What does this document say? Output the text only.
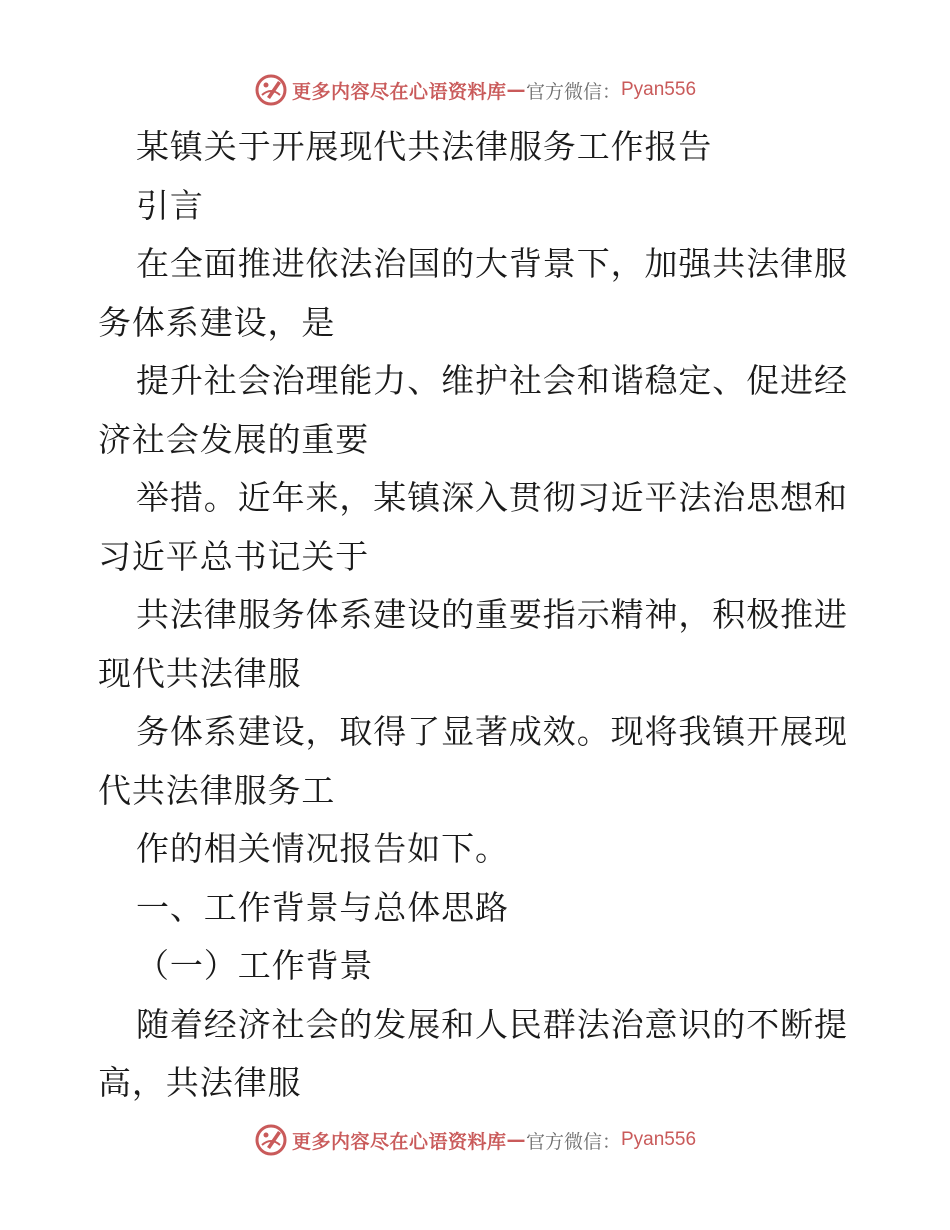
更多内容尽在心语资料库 — 官方微信： Pyan556
某镇关于开展现代共法律服务工作报告
引言
在全面推进依法治国的大背景下，加强共法律服
务体系建设，是
提升社会治理能力、维护社会和谐稳定、促进经
济社会发展的重要
举措。近年来，某镇深入贯彻习近平法治思想和
习近平总书记关于
共法律服务体系建设的重要指示精神，积极推进
现代共法律服
务体系建设，取得了显著成效。现将我镇开展现
代共法律服务工
作的相关情况报告如下。
一、工作背景与总体思路
（一）工作背景
随着经济社会的发展和人民群法治意识的不断提
高，共法律服
更多内容尽在心语资料库 — 官方微信： Pyan556
